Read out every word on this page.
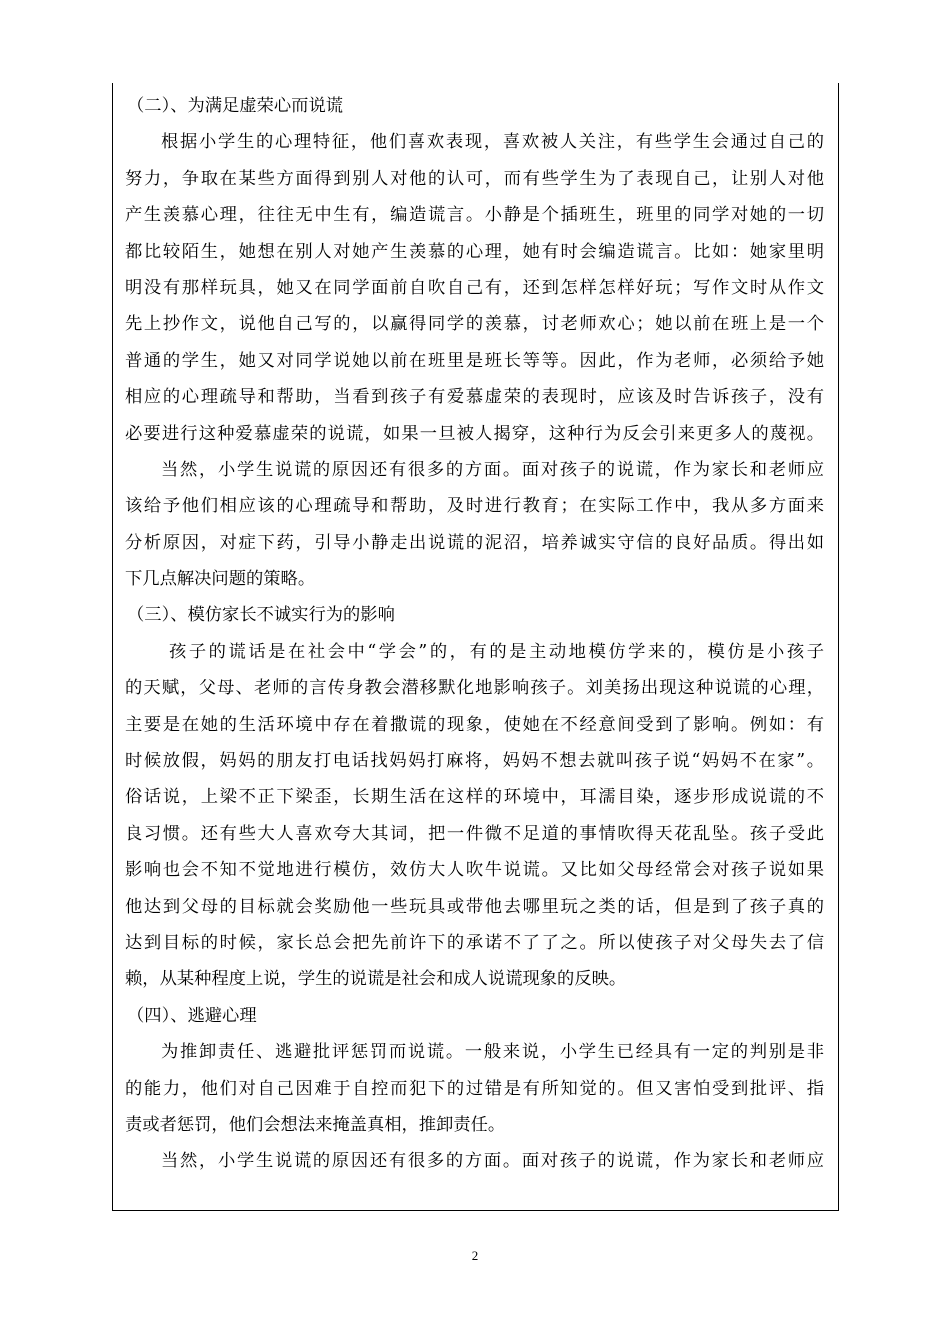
（二）、为满足虚荣心而说谎
根据小学生的心理特征，他们喜欢表现，喜欢被人关注，有些学生会通过自己的
努力，争取在某些方面得到别人对他的认可，而有些学生为了表现自己，让别人对他
产生羡慕心理，往往无中生有，编造谎言。小静是个插班生，班里的同学对她的一切
都比较陌生，她想在别人对她产生羡慕的心理，她有时会编造谎言。比如：她家里明
明没有那样玩具，她又在同学面前自吹自己有，还到怎样怎样好玩；写作文时从作文
先上抄作文，说他自己写的，以赢得同学的羡慕，讨老师欢心；她以前在班上是一个
普通的学生，她又对同学说她以前在班里是班长等等。因此，作为老师，必须给予她
相应的心理疏导和帮助，当看到孩子有爱慕虚荣的表现时，应该及时告诉孩子，没有
必要进行这种爱慕虚荣的说谎，如果一旦被人揭穿，这种行为反会引来更多人的蔑视。
当然，小学生说谎的原因还有很多的方面。面对孩子的说谎，作为家长和老师应
该给予他们相应该的心理疏导和帮助，及时进行教育；在实际工作中，我从多方面来
分析原因，对症下药，引导小静走出说谎的泥沼，培养诚实守信的良好品质。得出如
下几点解决问题的策略。
（三）、模仿家长不诚实行为的影响
孩子的谎话是在社会中“学会”的，有的是主动地模仿学来的，模仿是小孩子
的天赋，父母、老师的言传身教会潜移默化地影响孩子。刘美扬出现这种说谎的心理，
主要是在她的生活环境中存在着撒谎的现象，使她在不经意间受到了影响。例如：有
时候放假，妈妈的朋友打电话找妈妈打麻将，妈妈不想去就叫孩子说“妈妈不在家”。
俗话说，上梁不正下梁歪，长期生活在这样的环境中，耳濡目染，逐步形成说谎的不
良习惯。还有些大人喜欢夸大其词，把一件微不足道的事情吹得天花乱坠。孩子受此
影响也会不知不觉地进行模仿，效仿大人吹牛说谎。又比如父母经常会对孩子说如果
他达到父母的目标就会奖励他一些玩具或带他去哪里玩之类的话，但是到了孩子真的
达到目标的时候，家长总会把先前许下的承诺不了了之。所以使孩子对父母失去了信
赖，从某种程度上说，学生的说谎是社会和成人说谎现象的反映。
（四）、逃避心理
为推卸责任、逃避批评惩罚而说谎。一般来说，小学生已经具有一定的判别是非
的能力，他们对自己因难于自控而犯下的过错是有所知觉的。但又害怕受到批评、指
责或者惩罚，他们会想法来掩盖真相，推卸责任。
当然，小学生说谎的原因还有很多的方面。面对孩子的说谎，作为家长和老师应
2
